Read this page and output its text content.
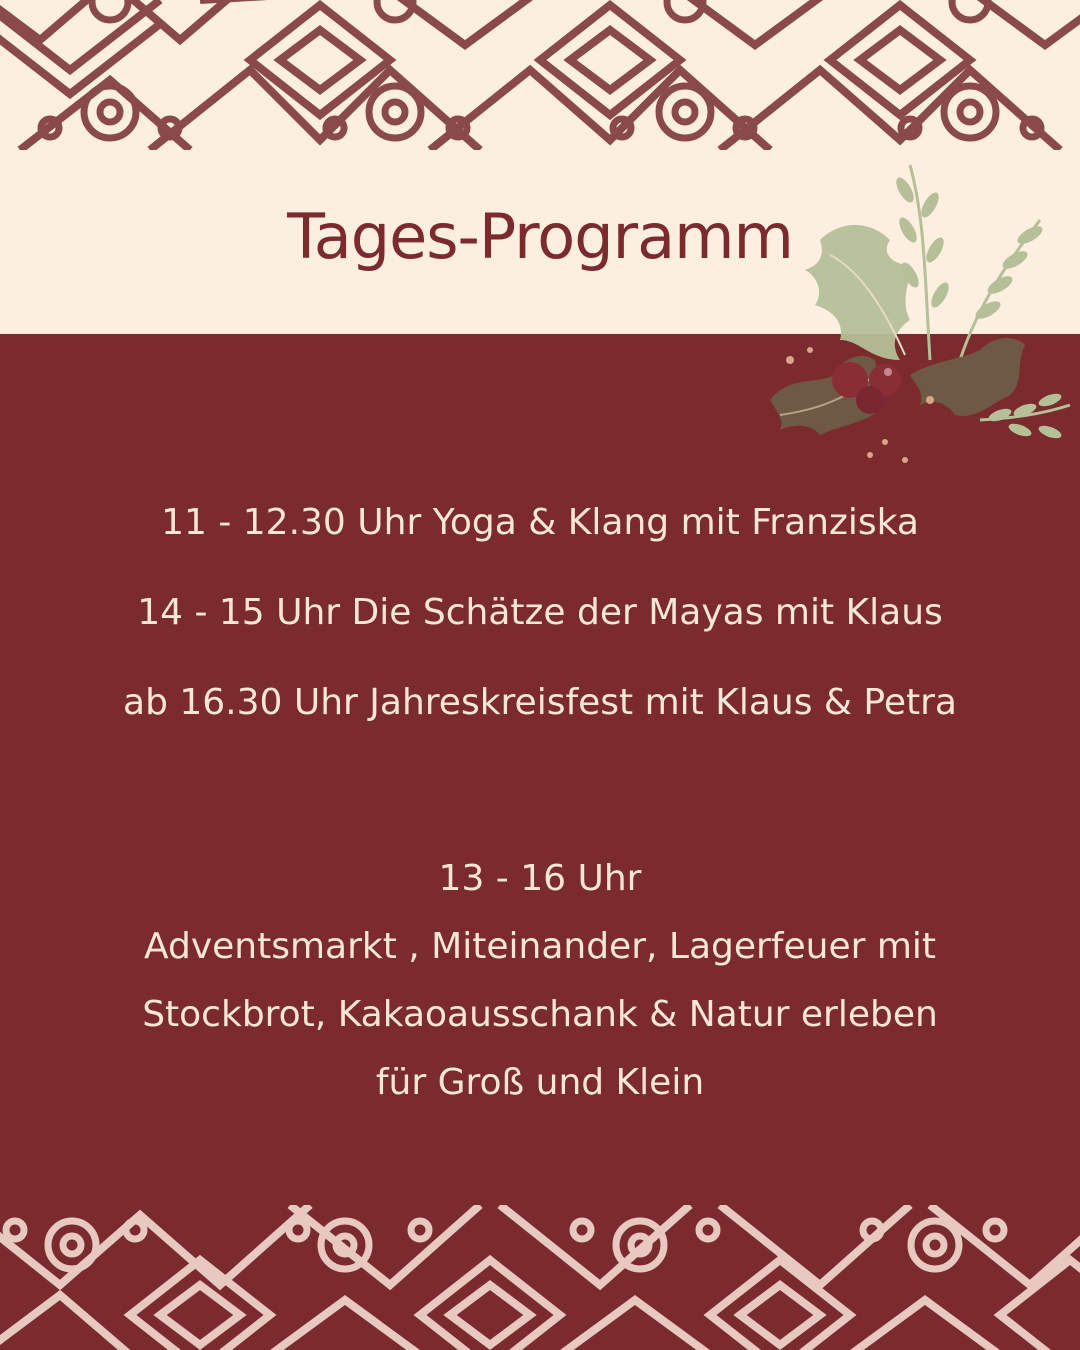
Tages-Programm
11 - 12.30 Uhr Yoga & Klang mit Franziska
14 - 15 Uhr Die Schätze der Mayas mit Klaus
ab 16.30 Uhr Jahreskreisfest mit Klaus & Petra
13 - 16 Uhr
Adventsmarkt , Miteinander, Lagerfeuer mit
Stockbrot, Kakaoausschank & Natur erleben
für Groß und Klein
